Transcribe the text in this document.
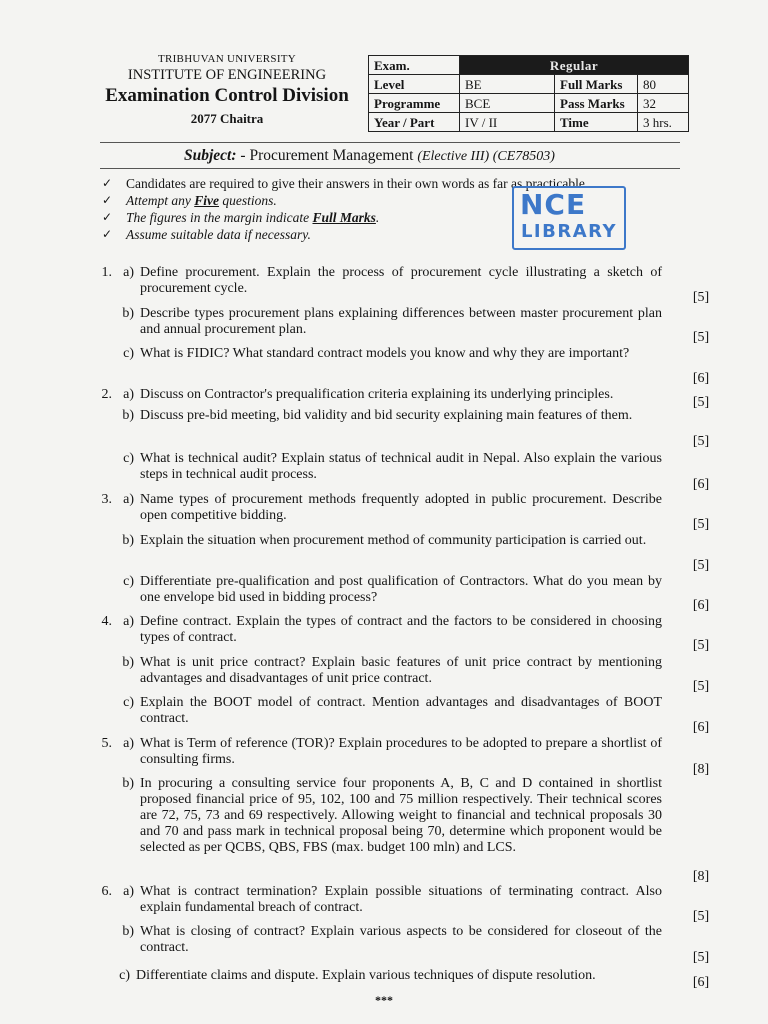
TRIBHUVAN UNIVERSITY
INSTITUTE OF ENGINEERING
Examination Control Division
2077 Chaitra
Exam.	Regular		
Level	BE	Full Marks	80
Programme	BCE	Pass Marks	32
Year / Part	IV / II	Time	3 hrs.
Subject: - Procurement Management (Elective III) (CE78503)
✓	Candidates are required to give their answers in their own words as far as practicable.
✓	Attempt any Five questions.
✓	The figures in the margin indicate Full Marks.
✓	Assume suitable data if necessary.
NCE
LIBRARY
1. a) Define procurement. Explain the process of procurement cycle illustrating a sketch of procurement cycle.
[5]
b) Describe types procurement plans explaining differences between master procurement plan and annual procurement plan.
[5]
c) What is FIDIC? What standard contract models you know and why they are important?
[6]
2. a) Discuss on Contractor's prequalification criteria explaining its underlying principles.
[5]
b) Discuss pre-bid meeting, bid validity and bid security explaining main features of them.
[5]
c) What is technical audit? Explain status of technical audit in Nepal. Also explain the various steps in technical audit process.
[6]
3. a) Name types of procurement methods frequently adopted in public procurement. Describe open competitive bidding.
[5]
b) Explain the situation when procurement method of community participation is carried out.
[5]
c) Differentiate pre-qualification and post qualification of Contractors. What do you mean by one envelope bid used in bidding process?
[6]
4. a) Define contract. Explain the types of contract and the factors to be considered in choosing types of contract.
[5]
b) What is unit price contract? Explain basic features of unit price contract by mentioning advantages and disadvantages of unit price contract.
[5]
c) Explain the BOOT model of contract. Mention advantages and disadvantages of BOOT contract.
[6]
5. a) What is Term of reference (TOR)? Explain procedures to be adopted to prepare a shortlist of consulting firms.
[8]
b) In procuring a consulting service four proponents A, B, C and D contained in shortlist proposed financial price of 95, 102, 100 and 75 million respectively. Their technical scores are 72, 75, 73 and 69 respectively. Allowing weight to financial and technical proposals 30 and 70 and pass mark in technical proposal being 70, determine which proponent would be selected as per QCBS, QBS, FBS (max. budget 100 mln) and LCS.
[8]
6. a) What is contract termination? Explain possible situations of terminating contract. Also explain fundamental breach of contract.
[5]
b) What is closing of contract? Explain various aspects to be considered for closeout of the contract.
[5]
c) Differentiate claims and dispute. Explain various techniques of dispute resolution.	[6]
***
